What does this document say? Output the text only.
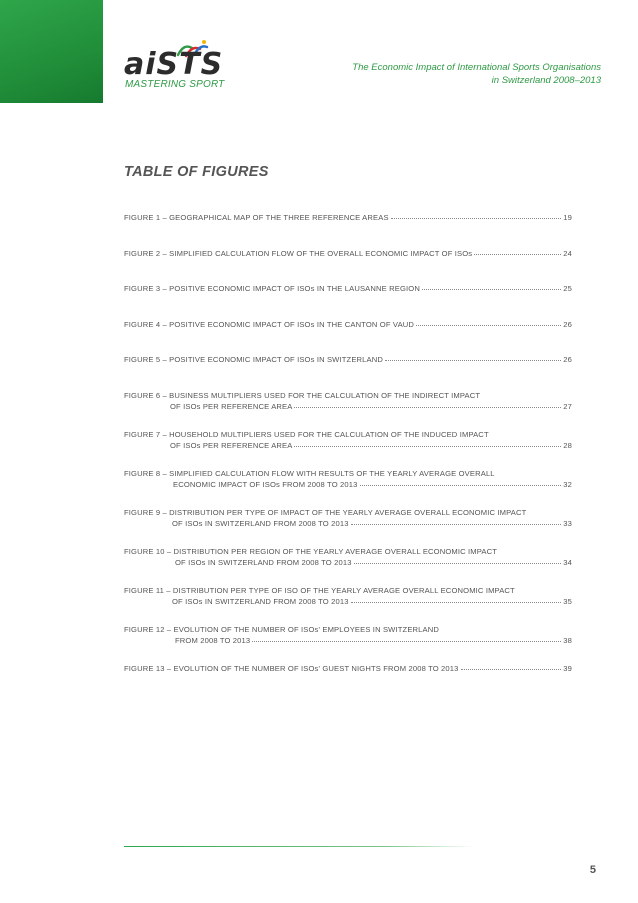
aiSTS
MASTERING SPORT
The Economic Impact of International Sports Organisations
in Switzerland 2008–2013
TABLE OF FIGURES
FIGURE 1 – GEOGRAPHICAL MAP OF THE THREE REFERENCE AREAS	19
FIGURE 2 – SIMPLIFIED CALCULATION FLOW OF THE OVERALL ECONOMIC IMPACT OF ISOs	24
FIGURE 3 – POSITIVE ECONOMIC IMPACT OF ISOs IN THE LAUSANNE REGION	25
FIGURE 4 – POSITIVE ECONOMIC IMPACT OF ISOs IN THE CANTON OF VAUD	26
FIGURE 5 – POSITIVE ECONOMIC IMPACT OF ISOs IN SWITZERLAND	26
FIGURE 6 – BUSINESS MULTIPLIERS USED FOR THE CALCULATION OF THE INDIRECT IMPACT
OF ISOs PER REFERENCE AREA	27
FIGURE 7 – HOUSEHOLD MULTIPLIERS USED FOR THE CALCULATION OF THE INDUCED IMPACT
OF ISOs PER REFERENCE AREA	28
FIGURE 8 – SIMPLIFIED CALCULATION FLOW WITH RESULTS OF THE YEARLY AVERAGE OVERALL
ECONOMIC IMPACT OF ISOs FROM 2008 TO 2013	32
FIGURE 9 – DISTRIBUTION PER TYPE OF IMPACT OF THE YEARLY AVERAGE OVERALL ECONOMIC IMPACT
OF ISOs IN SWITZERLAND FROM 2008 TO 2013	33
FIGURE 10 – DISTRIBUTION PER REGION OF THE YEARLY AVERAGE OVERALL ECONOMIC IMPACT
OF ISOs IN SWITZERLAND FROM 2008 TO 2013	34
FIGURE 11 – DISTRIBUTION PER TYPE OF ISO OF THE YEARLY AVERAGE OVERALL ECONOMIC IMPACT
OF ISOs IN SWITZERLAND FROM 2008 TO 2013	35
FIGURE 12 – EVOLUTION OF THE NUMBER OF ISOs' EMPLOYEES IN SWITZERLAND
FROM 2008 TO 2013	38
FIGURE 13 – EVOLUTION OF THE NUMBER OF ISOs' GUEST NIGHTS FROM 2008 TO 2013	39
5
